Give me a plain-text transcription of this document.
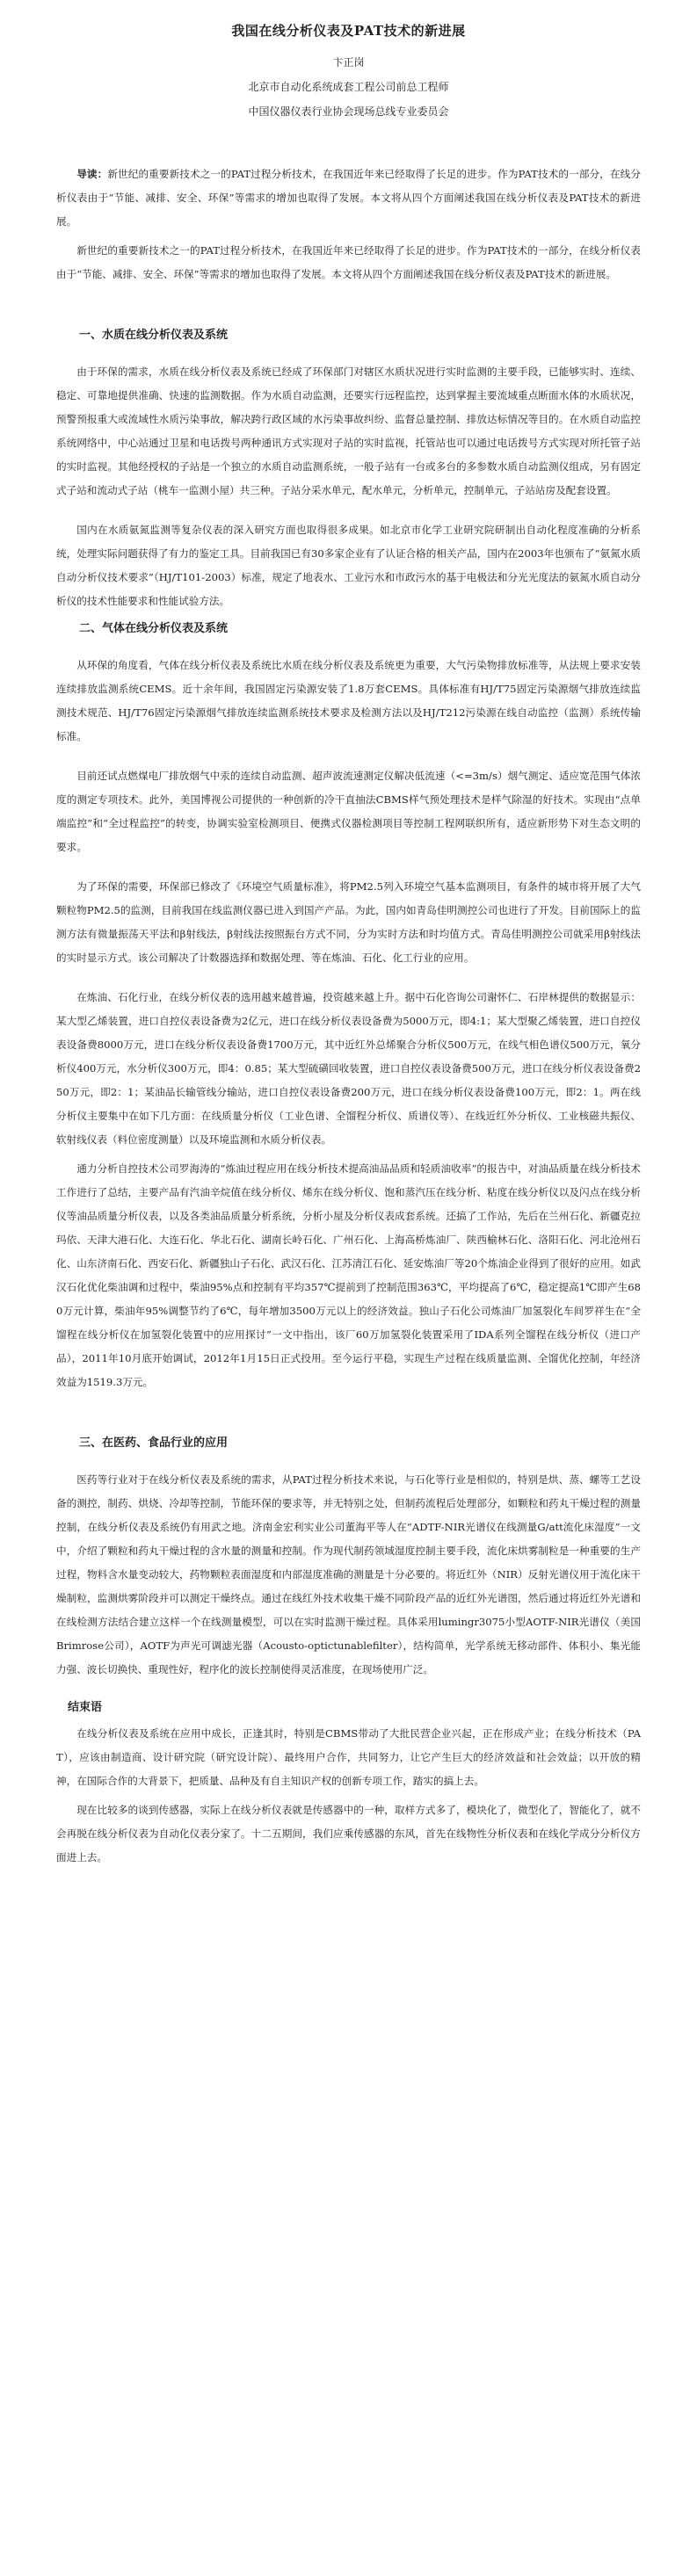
我国在线分析仪表及PAT技术的新进展

卞正岗

北京市自动化系统成套工程公司前总工程师

中国仪器仪表行业协会现场总线专业委员会

导读：新世纪的重要新技术之一的PAT过程分析技术，在我国近年来已经取得了长足的进步。作为PAT技术的一部分，在线分析仪表由于“节能、减排、安全、环保”等需求的增加也取得了发展。本文将从四个方面阐述我国在线分析仪表及PAT技术的新进展。

新世纪的重要新技术之一的PAT过程分析技术，在我国近年来已经取得了长足的进步。作为PAT技术的一部分，在线分析仪表由于“节能、减排、安全、环保”等需求的增加也取得了发展。本文将从四个方面阐述我国在线分析仪表及PAT技术的新进展。

一、水质在线分析仪表及系统

由于环保的需求，水质在线分析仪表及系统已经成了环保部门对辖区水质状况进行实时监测的主要手段，已能够实时、连续、稳定、可靠地提供准确、快速的监测数据。作为水质自动监测，还要实行远程监控，达到掌握主要流域重点断面水体的水质状况，预警预报重大或流域性水质污染事故，解决跨行政区域的水污染事故纠纷、监督总量控制、排放达标情况等目的。在水质自动监控系统网络中，中心站通过卫星和电话拨号两种通讯方式实现对子站的实时监视，托管站也可以通过电话拨号方式实现对所托管子站的实时监视。其他经授权的子站是一个独立的水质自动监测系统，一般子站有一台或多台的多参数水质自动监测仪组成，另有固定式子站和流动式子站（桃车一监测小屋）共三种。子站分采水单元，配水单元，分析单元，控制单元，子站站房及配套设置。

国内在水质氨氮监测等复杂仪表的深入研究方面也取得很多成果。如北京市化学工业研究院研制出自动化程度准确的分析系统，处理实际问题获得了有力的鉴定工具。目前我国已有30多家企业有了认证合格的相关产品，国内在2003年也颁布了“氨氮水质自动分析仪技术要求”（HJ/T101-2003）标准，规定了地表水、工业污水和市政污水的基于电极法和分光光度法的氨氮水质自动分析仪的技术性能要求和性能试验方法。

二、气体在线分析仪表及系统

从环保的角度看，气体在线分析仪表及系统比水质在线分析仪表及系统更为重要，大气污染物排放标准等，从法规上要求安装连续排放监测系统CEMS。近十余年间，我国固定污染源安装了1.8万套CEMS。具体标准有HJ/T75固定污染源烟气排放连续监测技术规范、HJ/T76固定污染源烟气排放连续监测系统技术要求及检测方法以及HJ/T212污染源在线自动监控（监测）系统传输标准。

目前还试点燃煤电厂排放烟气中汞的连续自动监测、超声波流速测定仪解决低流速（<=3m/s）烟气测定、适应宽范围气体浓度的测定专项技术。此外，美国博视公司提供的一种创新的冷干直抽法CBMS样气预处理技术是样气除湿的好技术。实现由“点单端监控”和“全过程监控”的转变，协调实验室检测项目、便携式仪器检测项目等控制工程网联织所有，适应新形势下对生态文明的要求。

为了环保的需要，环保部已修改了《环境空气质量标准》，将PM2.5列入环境空气基本监测项目，有条件的城市将开展了大气颗粒物PM2.5的监测，目前我国在线监测仪器已进入到国产产品。为此，国内如青岛佳明测控公司也进行了开发。目前国际上的监测方法有微量振荡天平法和β射线法，β射线法按照振台方式不同，分为实时方法和时均值方式。青岛佳明测控公司就采用β射线法的实时显示方式。该公司解决了计数器选择和数据处理、等在炼油、石化、化工行业的应用。

在炼油、石化行业，在线分析仪表的选用越来越普遍，投资越来越上升。据中石化咨询公司谢怀仁、石岸林提供的数据显示：某大型乙烯装置，进口自控仪表设备费为2亿元，进口在线分析仪表设备费为5000万元，即4:1；某大型聚乙烯装置，进口自控仪表设备费8000万元，进口在线分析仪表设备费1700万元，其中近红外总烯聚合分析仪500万元，在线气相色谱仪500万元，氧分析仪400万元，水分析仪300万元，即4：0.85；某大型硫磺回收装置，进口自控仪表设备费500万元，进口在线分析仪表设备费250万元，即2：1；某油品长输管线分输站，进口自控仪表设备费200万元，进口在线分析仪表设备费100万元，即2：1。两在线分析仪主要集中在如下几方面：在线质量分析仪（工业色谱、全馏程分析仪、质谱仪等）、在线近红外分析仪、工业核磁共振仪、软射线仪表（料位密度测量）以及环境监测和水质分析仪表。

通力分析自控技术公司罗海涛的“炼油过程应用在线分析技术提高油品品质和轻质油收率”的报告中，对油品质量在线分析技术工作进行了总结，主要产品有汽油辛烷值在线分析仪、烯东在线分析仪、饱和蒸汽压在线分析、粘度在线分析仪以及闪点在线分析仪等油品质量分析仪表，以及各类油品质量分析系统，分析小屋及分析仪表成套系统。还搞了工作站，先后在兰州石化、新疆克拉玛依、天津大港石化、大连石化、华北石化、湖南长岭石化、广州石化、上海高桥炼油厂、陕西榆林石化、洛阳石化、河北沧州石化、山东济南石化、西安石化、新疆独山子石化、武汉石化、江苏清江石化、延安炼油厂等20个炼油企业得到了很好的应用。如武汉石化优化柴油调和过程中，柴油95%点和控制有平均357℃提前到了控制范围363℃，平均提高了6℃，稳定提高1℃即产生680万元计算，柴油年95%调整节约了6℃，每年增加3500万元以上的经济效益。独山子石化公司炼油厂加氢裂化车间罗祥生在“全馏程在线分析仪在加氢裂化装置中的应用探讨”一文中指出，该厂60万加氢裂化装置采用了IDA系列全馏程在线分析仪（进口产品），2011年10月底开始调试，2012年1月15日正式投用。至今运行平稳，实现生产过程在线质量监测、全馏优化控制，年经济效益为1519.3万元。

三、在医药、食品行业的应用

医药等行业对于在线分析仪表及系统的需求，从PAT过程分析技术来说，与石化等行业是相似的，特别是烘、蒸、螺等工艺设备的测控，制药、烘烧、冷却等控制，节能环保的要求等，并无特别之处，但制药流程后处理部分，如颗粒和药丸干燥过程的测量控制，在线分析仪表及系统仍有用武之地。济南金宏利实业公司董海平等人在“ADTF-NIR光谱仪在线测量G/att流化床湿度”一文中，介绍了颗粒和药丸干燥过程的含水量的测量和控制。作为现代制药领域湿度控制主要手段，流化床烘雾制粒是一种重要的生产过程，物料含水量变动较大，药物颗粒表面湿度和内部湿度准确的测量是十分必要的。将近红外（NIR）反射光谱仪用于流化床干燥制粒，监测烘雾阶段并可以测定干燥终点。通过在线红外技术收集干燥不同阶段产品的近红外光谱图，然后通过将近红外光谱和在线检测方法结合建立这样一个在线测量模型，可以在实时监测干燥过程。具体采用lumingr3075小型AOTF-NIR光谱仪（美国Brimrose公司），AOTF为声光可调滤光器（Acousto-optictunablefilter），结构简单，光学系统无移动部件、体积小、集光能力强、波长切换快、重现性好，程序化的波长控制使得灵活准度，在现场使用广泛。

结束语

在线分析仪表及系统在应用中成长，正逢其时，特别是CBMS带动了大批民营企业兴起，正在形成产业；在线分析技术（PAT），应该由制造商、设计研究院（研究设计院）、最终用户合作，共同努力，让它产生巨大的经济效益和社会效益；以开放的精神，在国际合作的大背景下，把质量、品种及有自主知识产权的创新专项工作，踏实的搞上去。

现在比较多的谈到传感器，实际上在线分析仪表就是传感器中的一种，取样方式多了，模块化了，微型化了，智能化了，就不会再脱在线分析仪表为自动化仪表分家了。十二五期间，我们应乘传感器的东风，首先在线物性分析仪表和在线化学成分分析仪方面进上去。
